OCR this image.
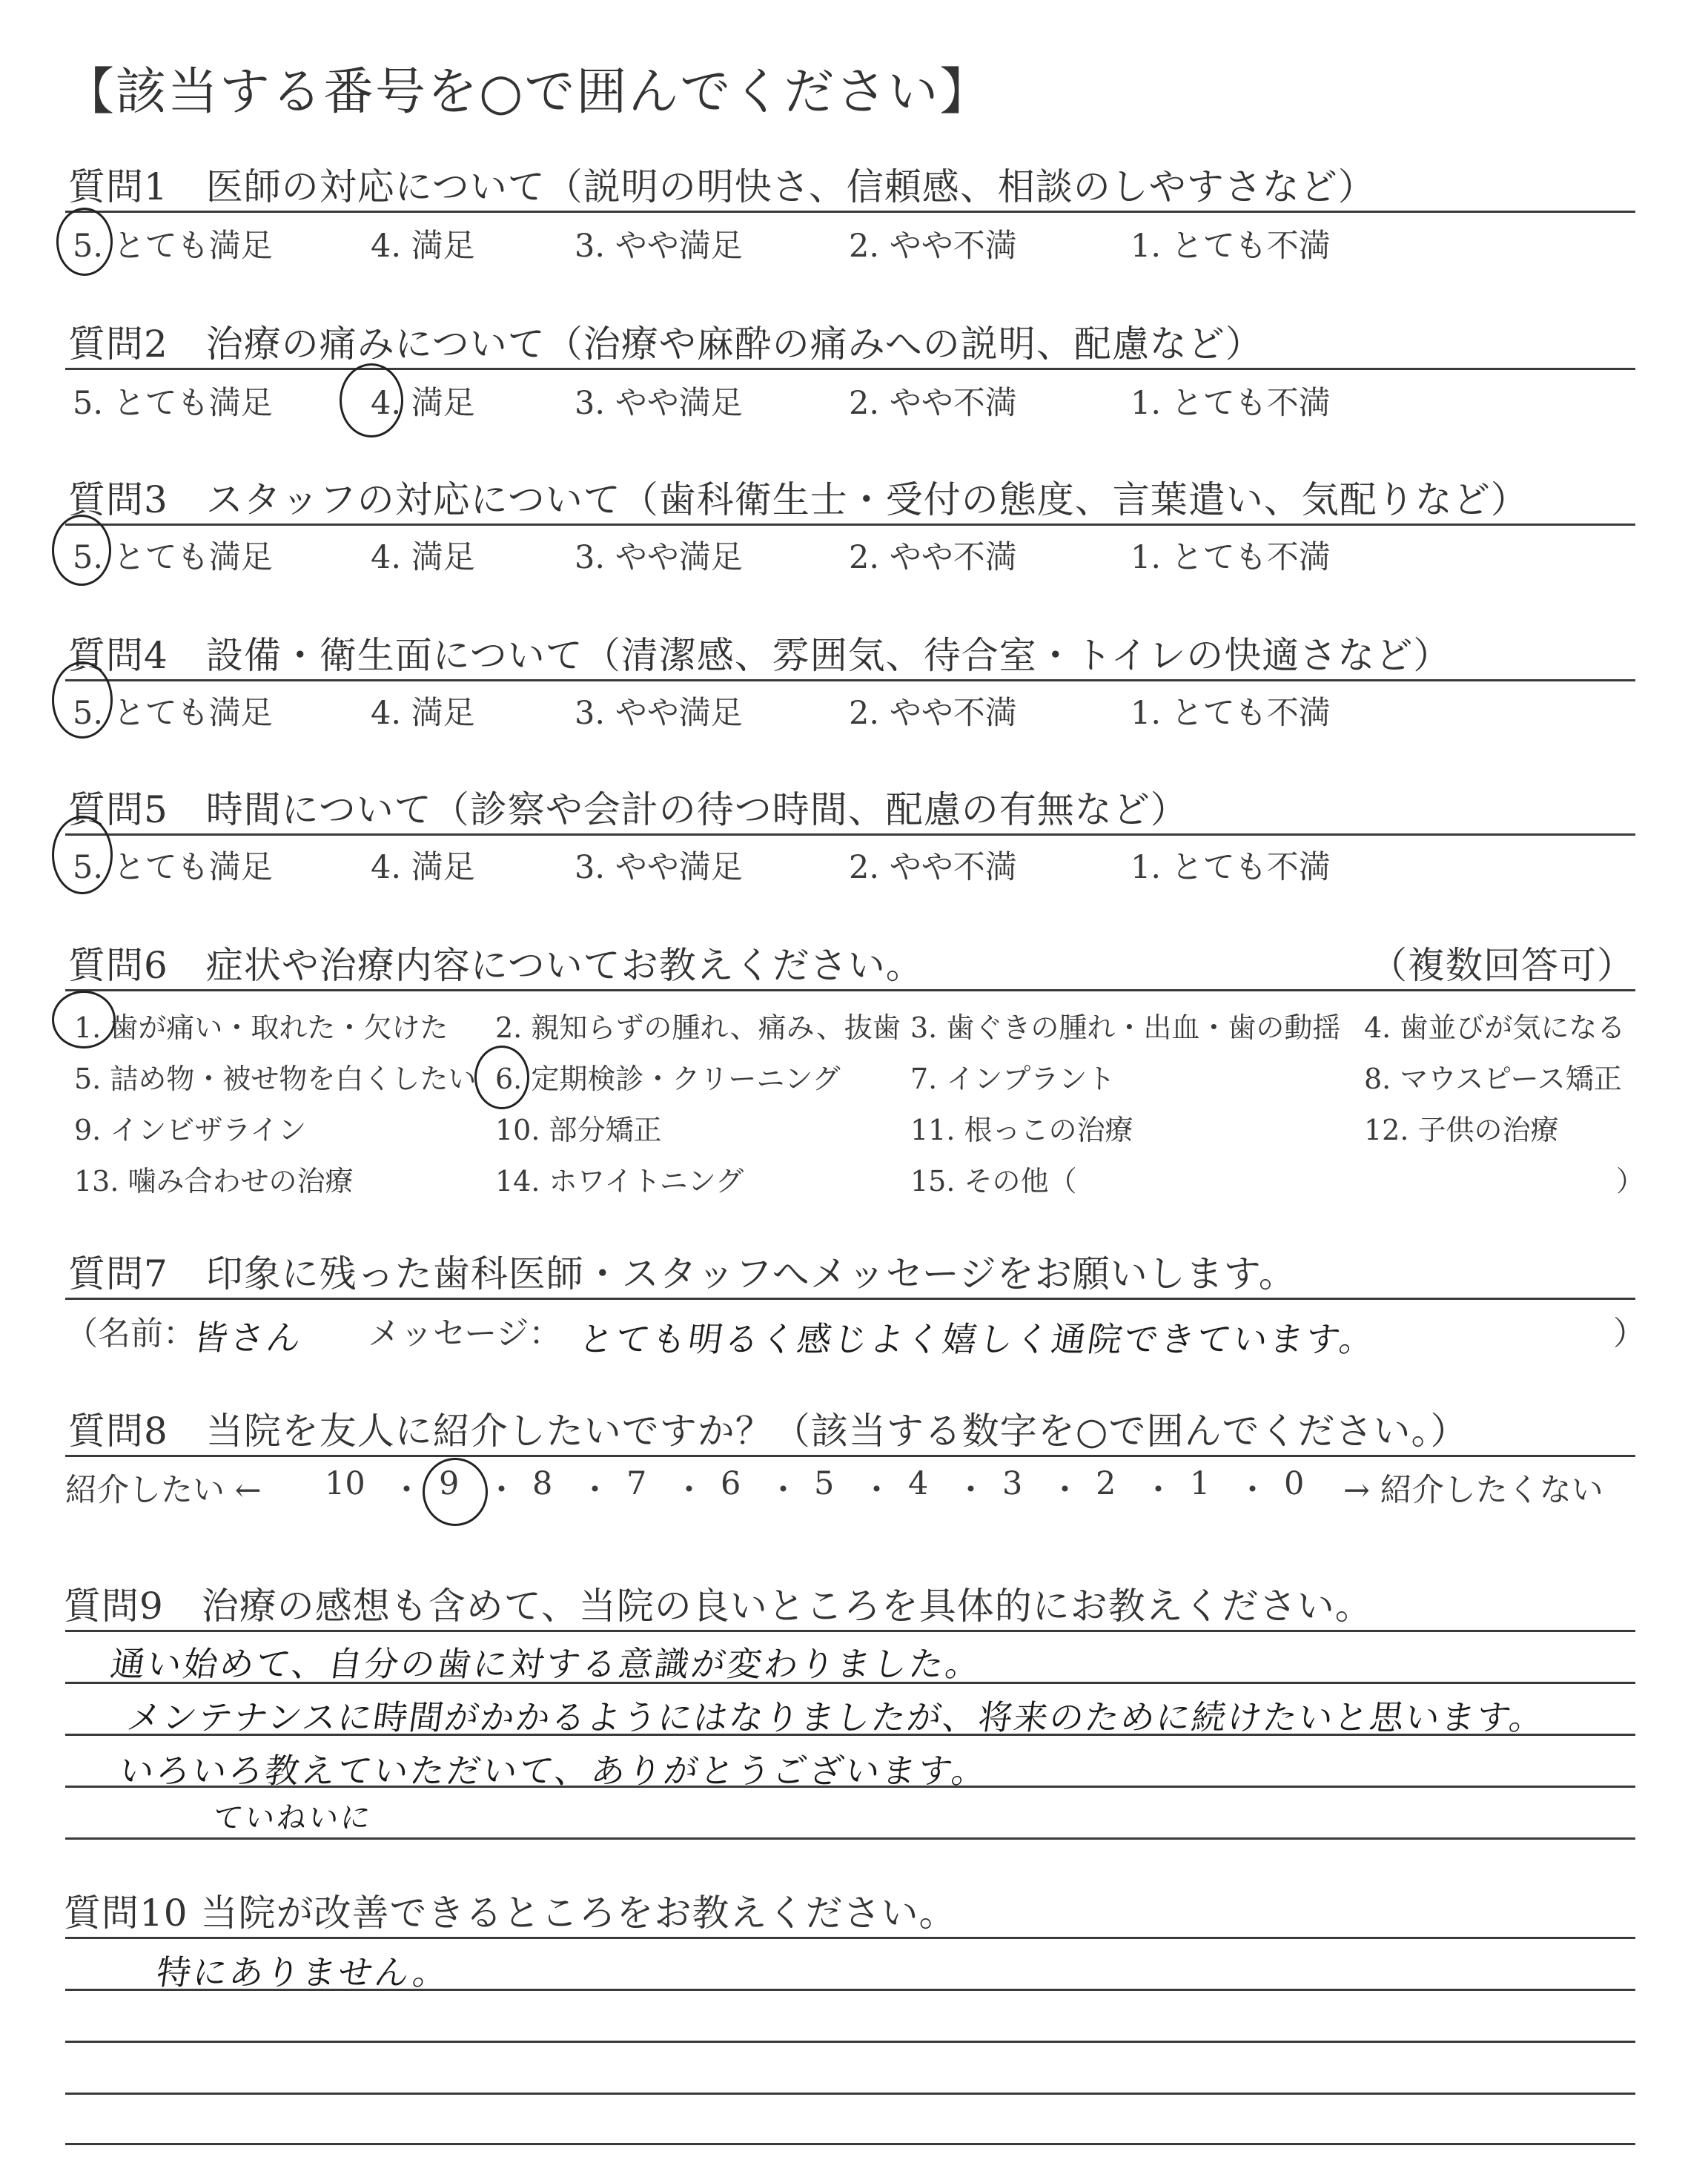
【該当する番号を○で囲んでください】
質問1　医師の対応について（説明の明快さ、信頼感、相談のしやすさなど）
5. とても満足	4. 満足	3. やや満足	2. やや不満	1. とても不満
質問2　治療の痛みについて（治療や麻酔の痛みへの説明、配慮など）
5. とても満足	4. 満足	3. やや満足	2. やや不満	1. とても不満
質問3　スタッフの対応について（歯科衛生士・受付の態度、言葉遣い、気配りなど）
5. とても満足	4. 満足	3. やや満足	2. やや不満	1. とても不満
質問4　設備・衛生面について（清潔感、雰囲気、待合室・トイレの快適さなど）
5. とても満足	4. 満足	3. やや満足	2. やや不満	1. とても不満
質問5　時間について（診察や会計の待つ時間、配慮の有無など）
5. とても満足	4. 満足	3. やや満足	2. やや不満	1. とても不満
質問6　症状や治療内容についてお教えください。	（複数回答可）
1. 歯が痛い・取れた・欠けた 2. 親知らずの腫れ、痛み、抜歯 3. 歯ぐきの腫れ・出血・歯の動揺 4. 歯並びが気になる
5. 詰め物・被せ物を白くしたい 6. 定期検診・クリーニング 7. インプラント	8. マウスピース矯正
9. インビザライン	10. 部分矯正	11. 根っこの治療	12. 子供の治療
13. 噛み合わせの治療	14. ホワイトニング	15. その他（	）
質問7　印象に残った歯科医師・スタッフへメッセージをお願いします。
（名前：
皆さん メッセージ： とても明るく感じよく嬉しく通院できています。	）
質問8　当院を友人に紹介したいですか？（該当する数字を○で囲んでください。）
紹介したい ← 10 ・ 9 ・ 8 ・ 7 ・ 6 ・ 5 ・ 4 ・ 3 ・ 2 ・ 1 ・ 0 → 紹介したくない
質問9　治療の感想も含めて、当院の良いところを具体的にお教えください。
通い始めて、自分の歯に対する意識が変わりました。
メンテナンスに時間がかかるようにはなりましたが、将来のために続けたいと思います。
いろいろ教えていただいて、ありがとうございます。
ていねいに
質問10 当院が改善できるところをお教えください。
特にありません。
